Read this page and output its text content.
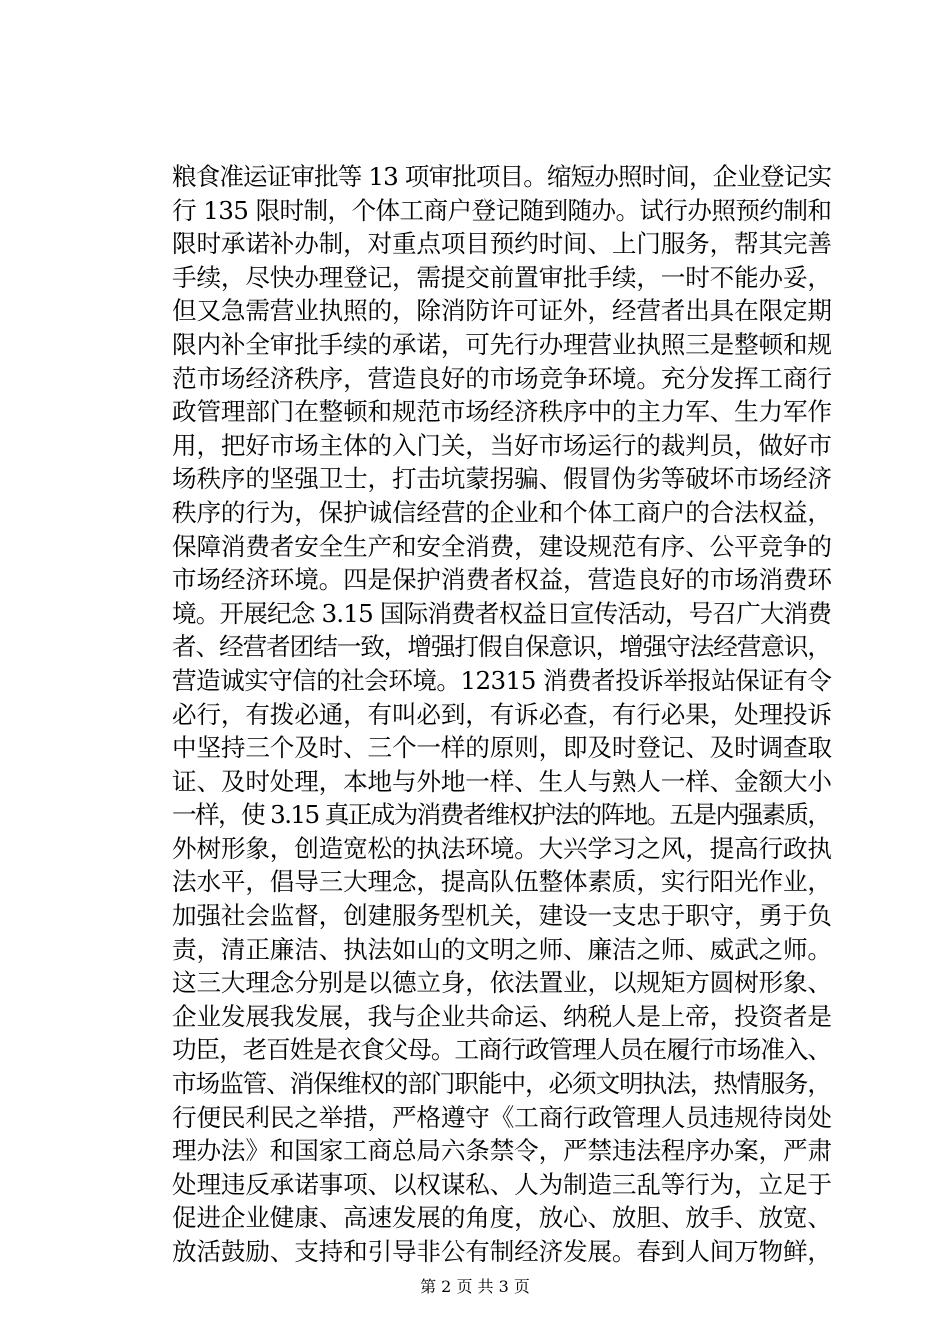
粮食准运证审批等 13 项审批项目。缩短办照时间，企业登记实
行 135 限时制，个体工商户登记随到随办。试行办照预约制和
限时承诺补办制，对重点项目预约时间、上门服务，帮其完善
手续，尽快办理登记，需提交前置审批手续，一时不能办妥，
但又急需营业执照的，除消防许可证外，经营者出具在限定期
限内补全审批手续的承诺，可先行办理营业执照三是整顿和规
范市场经济秩序，营造良好的市场竞争环境。充分发挥工商行
政管理部门在整顿和规范市场经济秩序中的主力军、生力军作
用，把好市场主体的入门关，当好市场运行的裁判员，做好市
场秩序的坚强卫士，打击坑蒙拐骗、假冒伪劣等破坏市场经济
秩序的行为，保护诚信经营的企业和个体工商户的合法权益，
保障消费者安全生产和安全消费，建设规范有序、公平竞争的
市场经济环境。四是保护消费者权益，营造良好的市场消费环
境。开展纪念 3.15 国际消费者权益日宣传活动，号召广大消费
者、经营者团结一致，增强打假自保意识，增强守法经营意识，
营造诚实守信的社会环境。12315 消费者投诉举报站保证有令
必行，有拨必通，有叫必到，有诉必查，有行必果，处理投诉
中坚持三个及时、三个一样的原则，即及时登记、及时调查取
证、及时处理，本地与外地一样、生人与熟人一样、金额大小
一样，使 3.15 真正成为消费者维权护法的阵地。五是内强素质，
外树形象，创造宽松的执法环境。大兴学习之风，提高行政执
法水平，倡导三大理念，提高队伍整体素质，实行阳光作业，
加强社会监督，创建服务型机关，建设一支忠于职守，勇于负
责，清正廉洁、执法如山的文明之师、廉洁之师、威武之师。
这三大理念分别是以德立身，依法置业，以规矩方圆树形象、
企业发展我发展，我与企业共命运、纳税人是上帝，投资者是
功臣，老百姓是衣食父母。工商行政管理人员在履行市场准入、
市场监管、消保维权的部门职能中，必须文明执法，热情服务，
行便民利民之举措，严格遵守《工商行政管理人员违规待岗处
理办法》和国家工商总局六条禁令，严禁违法程序办案，严肃
处理违反承诺事项、以权谋私、人为制造三乱等行为，立足于
促进企业健康、高速发展的角度，放心、放胆、放手、放宽、
放活鼓励、支持和引导非公有制经济发展。春到人间万物鲜，
第 2 页 共 3 页
